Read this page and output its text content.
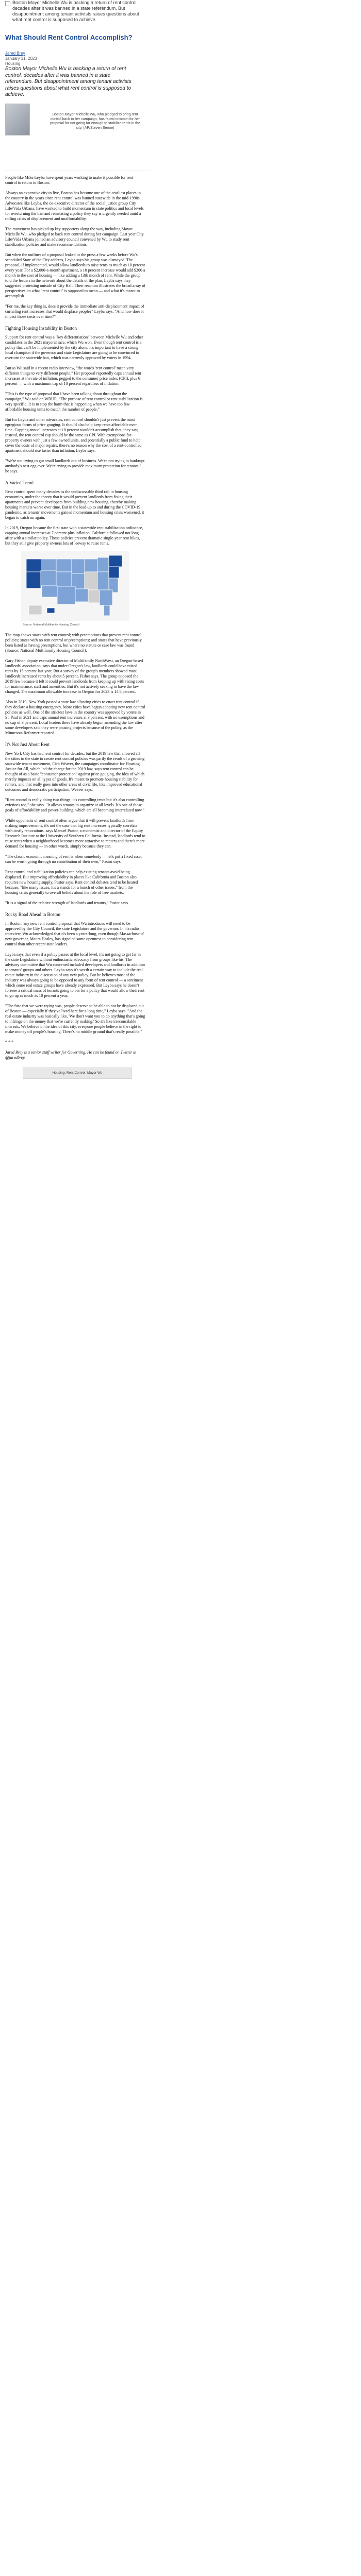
Boston Mayor Michelle Wu is backing a return of rent control. decades after it was banned in a state referendum. But disappointment among tenant activists raises questions about what rent control is supposed to achieve.
What Should Rent Control Accomplish?
Jared Brey
January 31, 2023
Housing
Boston Mayor Michelle Wu is backing a return of rent control. decades after it was banned in a state referendum. But disappointment among tenant activists raises questions about what rent control is supposed to achieve.
Boston Mayor Michelle Wu, who pledged to bring rent control back to her campaign, has faced criticism for her proposal for not going far enough to stabilize rents in the city. (AP/Steven Senne)

People like Mike Leyba have spent years working to make it possible for rent control to return to Boston.

Always an expensive city to live, Boston has become one of the costliest places in the country in the years since rent control was banned statewide in the mid-1990s. Advocates like Leyba, the co-executive director of the social justice group City Life/Vida Urbana, have worked to build momentum in state politics and local levels for overturning the ban and reinstating a policy they say is urgently needed amid a rolling crisis of displacement and unaffordability.

The movement has picked up key supporters along the way, including Mayor Michelle Wu, who pledged to back rent control during her campaign. Last year City Life/Vida Urbana joined an advisory council convened by Wu to study rent stabilization policies and make recommendations.

But when the outlines of a proposal leaked to the press a few weeks before Wu's scheduled State of the City address, Leyba says his group was dismayed. The proposal, if implemented, would allow landlords to raise rents as much as 10 percent every year. For a $2,000-a-month apartment, a 10 percent increase would add $200 a month to the cost of housing — like adding a 13th month of rent. While the group told the leaders in the network about the details of the plan, Leyba says they suggested protesting outside of City Hall. Their reaction illustrates the broad array of perspectives on what "rent control" is supposed to mean — and what it's meant to accomplish.

"For me, the key thing is, does it provide the immediate anti-displacement impact of curtailing rent increases that would displace people?" Leyba says. "And how does it impact those costs over time?"

Fighting Housing Instability in Boston

Support for rent control was a "key differentiation" between Michelle Wu and other candidates in the 2021 mayoral race, which Wu won. Even though rent control is a policy that can't be implemented by the city alone, it's important to have a strong local champion if the governor and state Legislature are going to be convinced to overturn the statewide ban, which was narrowly approved by voters in 1994.

But as Wu said in a recent radio interview, "the words 'rent control' mean very different things to very different people." Her proposal reportedly caps annual rent increases at the rate of inflation, pegged to the consumer price index (CPI), plus 6 percent — with a maximum cap of 10 percent regardless of inflation.

"This is the type of proposal that I have been talking about throughout the campaign," Wu said on WBUR. "The purpose of rent control or rent stabilization is very specific. It is to stop the harm that is happening when we have too few affordable housing units to match the number of people."

But for Leyba and other advocates, rent control shouldn't just prevent the most egregious forms of price gouging. It should also help keep rents affordable over time. Capping annual increases at 10 percent wouldn't accomplish that, they say; instead, the rent control cap should be the same as CPI. With exemptions for property owners with just a few owned units, and potentially a public fund to help cover the costs of major repairs, there's no reason why the cost of a rent-controlled apartment should rise faster than inflation, Leyba says.

"We're not trying to gut small landlords out of business. We're not trying to bankrupt anybody's nest egg ever. We're trying to provide maximum protection for tenants," he says.

A Varied Trend

Rent control spent many decades as the undiscussable third rail in housing economics, under the theory that it would prevent landlords from fixing their apartments and prevent developers from building new housing, thereby making housing markets worse over time. But in the lead-up to and during the COVID-19 pandemic, as tenants' movements gained momentum and housing crisis worsened, it began to catch on again.

In 2019, Oregon became the first state with a statewide rent stabilization ordinance, capping annual increases at 7 percent plus inflation. California followed not long after with a similar policy. Those policies prevent dramatic single-year rent hikes, but they still give property owners lots of leeway to raise rents.

Source: National Multifamily Housing Council

The map shows states with rent control; with preemptions that prevent rent control policies; states with no rent control or preemptions; and states that have previously been listed as having preemptions, but where no statute or case law was found (Source: National Multifamily Housing Council).

Gary Fisher, deputy executive director of Multifamily NorthWest, an Oregon-based landlords' association, says that under Oregon's law, landlords could have raised rents by 15 percent last year. But a survey of the group's members showed most landlords increased rents by about 5 percent, Fisher says. The group opposed the 2019 law because it felt it could prevent landlords from keeping up with rising costs for maintenance, staff and amenities. But it's not actively seeking to have the law changed. The maximum allowable increase in Oregon for 2023 is 14.6 percent.

Also in 2019, New York passed a state law allowing cities to enact rent control if they declare a housing emergency. More cities have begun adopting new rent control policies as well. One of the strictest laws in the country was approved by voters in St. Paul in 2021 and caps annual rent increases at 3 percent, with no exemptions and no cap of 3 percent. Local leaders there have already begun amending the law after some developers said they were pausing projects because of the policy, as the Minnesota Reformer reported.

It's Not Just About Rent

New York City has had rent control for decades, but the 2019 law that allowed all the cities in the state to create rent control policies was partly the result of a growing statewide tenant movement, Ciro Weaver, the campaigns coordinator for Housing Justice for All, which led the charge for the 2019 law, says rent control can be thought of as a basic "consumer protection" against price gouging, the idea of which merely imposes on all types of goods. It's meant to promote housing stability for renters, and that really goes into other areas of civic life, like improved educational outcomes and democratic participation, Weaver says.

"Rent control is really doing two things: it's controlling rents but it's also controlling evictions too," she says. "It allows tenants to organize at all levels. It's one of those goals of affordability and power-building, which are all becoming interrelated now."

While opponents of rent control often argue that it will prevent landlords from making improvements, it's not the case that big rent increases typically correlate with costly renovations, says Manuel Pastor, a economist and director of the Equity Research Institute at the University of Southern California. Instead, landlords tend to raise rents when a neighborhood becomes more attractive to renters and there's more demand for housing — in other words, simply because they can.

"The classic economic meaning of rent is when somebody — let's put a fixed asset can be worth going through no contribution of their own," Pastor says.

Rent control and stabilization policies can help existing tenants avoid being displaced. But improving affordability in places like California and Boston also requires new housing supply, Pastor says. Rent control debates tend to be heated because, "like many issues, it's a stands for a bunch of other issues," from the housing crisis generally to overall beliefs about the role of free markets.

"It is a signal of the relative strength of landlords and tenants," Pastor says.

Rocky Road Ahead in Boston

In Boston, any new rent control proposal that Wu introduces will need to be approved by the City Council, the state Legislature and the governor. In his radio interview, Wu acknowledged that it's been a years-long, even though Massachusetts' new governor, Maura Healey, has signaled some openness to considering rent control than other recent state leaders.

Leyba says that even if a policy passes at the local level, it's not going to get far in the state Legislature without enthusiastic advocacy from groups like his. The advisory committee that Wu convened included developers and landlords in addition to tenants' groups and others. Leyba says it's worth a certain way to include the real estate industry in the discussion of any new policy. But he believes most of the industry was always going to be opposed to any form of rent control — a sentiment which some real estate groups have already expressed. But Leyba says he doesn't foresee a critical mass of tenants going to bat for a policy that would allow their rent to go up as much as 10 percent a year.

"The fuse that we were trying was, people deserve to be able to not be displaced out of Boston — especially if they've lived here for a long time," Leyba says. "And the real estate industry was basically like, 'We don't want you to do anything that's going to infringe on the money that we're currently making.' So it's like irreconcilable interests. We believe in the idea of this city, everyone people believe in the right to make money off people's housing. There's no middle ground that's really possible."

* * *

Jared Brey is a senior staff writer for Governing. He can be found on Twitter at @jaredbrey.

Housing, Rent Control, Mayor Wu
